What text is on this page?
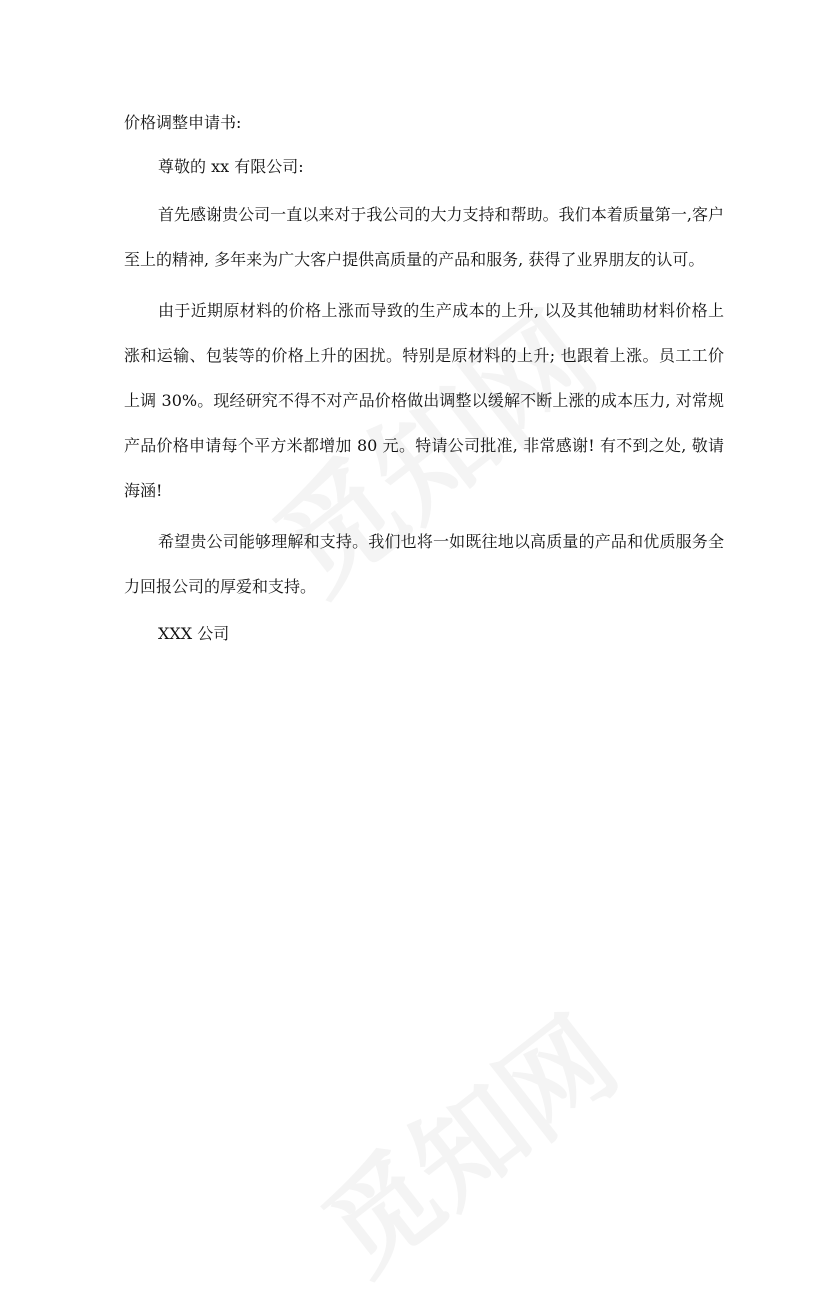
价格调整申请书:

尊敬的 xx 有限公司:

首先感谢贵公司一直以来对于我公司的大力支持和帮助。我们本着质量第一,客户至上的精神, 多年来为广大客户提供高质量的产品和服务, 获得了业界朋友的认可。

由于近期原材料的价格上涨而导致的生产成本的上升, 以及其他辅助材料价格上涨和运输、包装等的价格上升的困扰。特别是原材料的上升; 也跟着上涨。员工工价上调 30%。现经研究不得不对产品价格做出调整以缓解不断上涨的成本压力, 对常规产品价格申请每个平方米都增加 80 元。特请公司批准, 非常感谢! 有不到之处, 敬请海涵!

希望贵公司能够理解和支持。我们也将一如既往地以高质量的产品和优质服务全力回报公司的厚爱和支持。

XXX 公司
